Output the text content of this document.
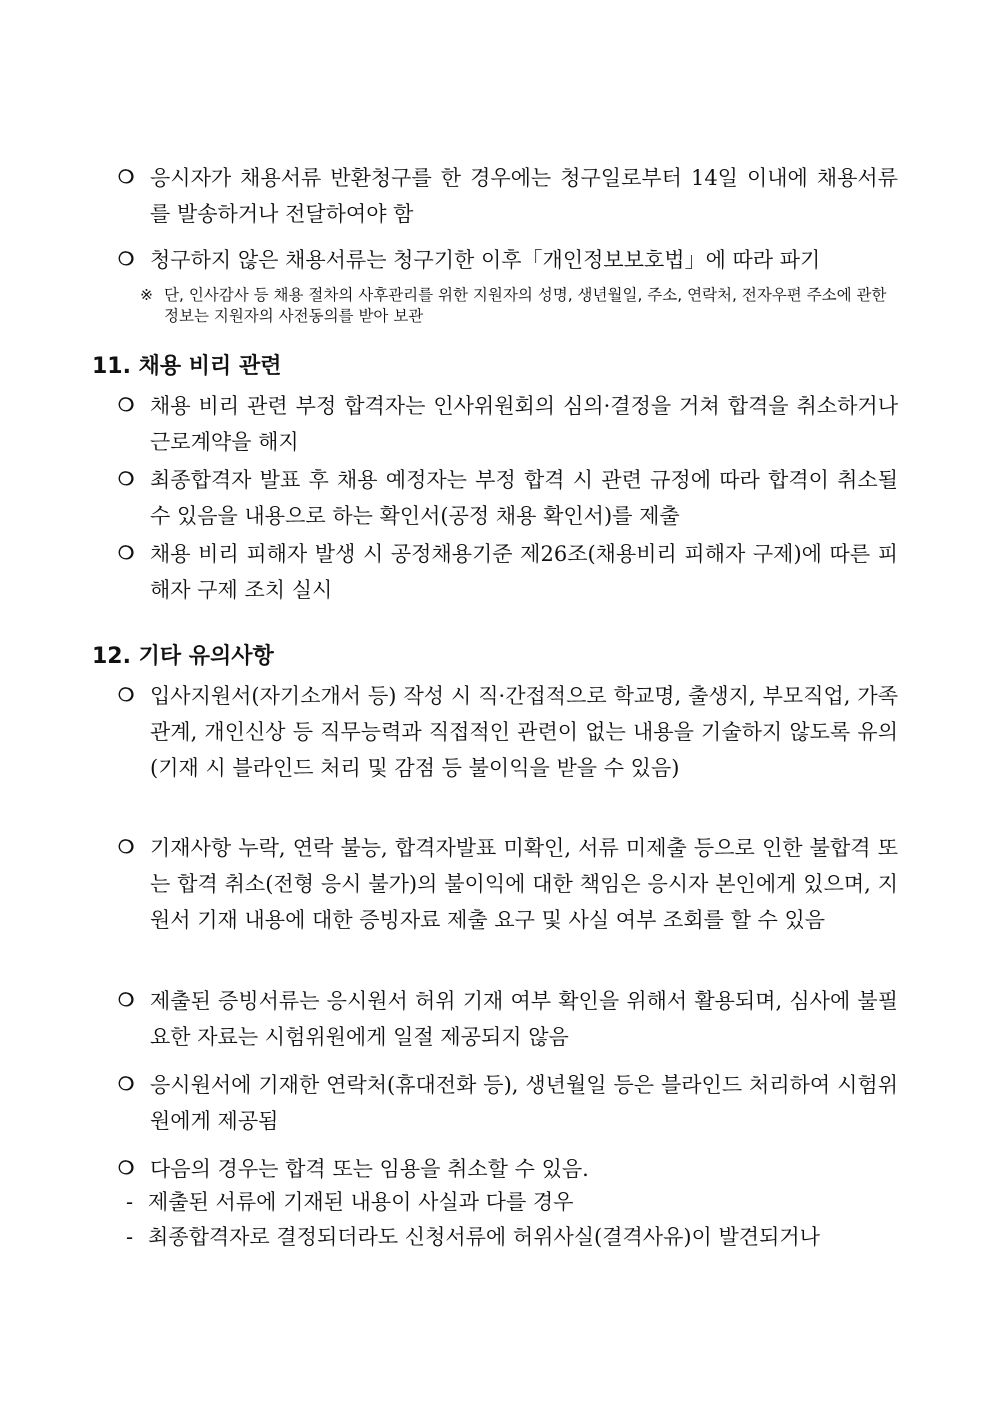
❍ 응시자가 채용서류 반환청구를 한 경우에는 청구일로부터 14일 이내에 채용서류를 발송하거나 전달하여야 함
❍ 청구하지 않은 채용서류는 청구기한 이후「개인정보보호법」에 따라 파기
※ 단, 인사감사 등 채용 절차의 사후관리를 위한 지원자의 성명, 생년월일, 주소, 연락처, 전자우편 주소에 관한 정보는 지원자의 사전동의를 받아 보관
11. 채용 비리 관련
❍ 채용 비리 관련 부정 합격자는 인사위원회의 심의·결정을 거쳐 합격을 취소하거나 근로계약을 해지
❍ 최종합격자 발표 후 채용 예정자는 부정 합격 시 관련 규정에 따라 합격이 취소될 수 있음을 내용으로 하는 확인서(공정 채용 확인서)를 제출
❍ 채용 비리 피해자 발생 시 공정채용기준 제26조(채용비리 피해자 구제)에 따른 피해자 구제 조치 실시
12. 기타 유의사항
❍ 입사지원서(자기소개서 등) 작성 시 직·간접적으로 학교명, 출생지, 부모직업, 가족관계, 개인신상 등 직무능력과 직접적인 관련이 없는 내용을 기술하지 않도록 유의(기재 시 블라인드 처리 및 감점 등 불이익을 받을 수 있음)
❍ 기재사항 누락, 연락 불능, 합격자발표 미확인, 서류 미제출 등으로 인한 불합격 또는 합격 취소(전형 응시 불가)의 불이익에 대한 책임은 응시자 본인에게 있으며, 지원서 기재 내용에 대한 증빙자료 제출 요구 및 사실 여부 조회를 할 수 있음
❍ 제출된 증빙서류는 응시원서 허위 기재 여부 확인을 위해서 활용되며, 심사에 불필요한 자료는 시험위원에게 일절 제공되지 않음
❍ 응시원서에 기재한 연락처(휴대전화 등), 생년월일 등은 블라인드 처리하여 시험위원에게 제공됨
❍ 다음의 경우는 합격 또는 임용을 취소할 수 있음.
- 제출된 서류에 기재된 내용이 사실과 다를 경우
- 최종합격자로 결정되더라도 신청서류에 허위사실(결격사유)이 발견되거나
